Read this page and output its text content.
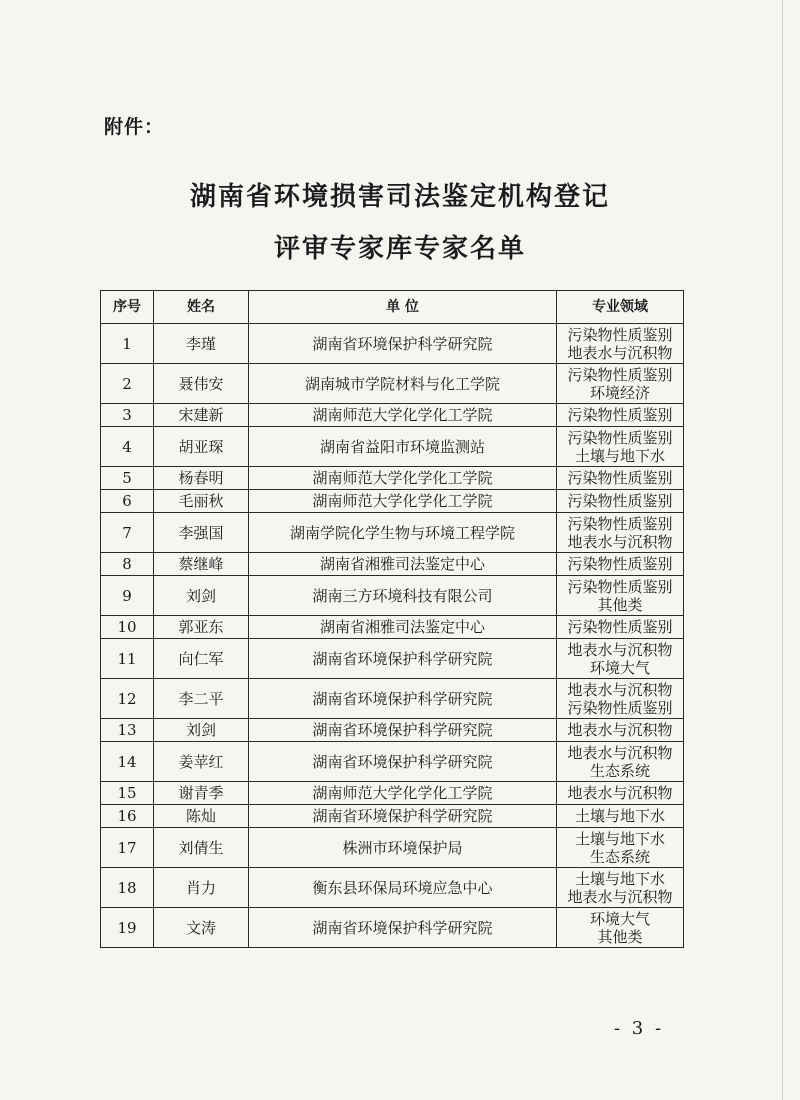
附件：
湖南省环境损害司法鉴定机构登记
评审专家库专家名单
序号	姓名	单 位	专业领域
1	李瑾	湖南省环境保护科学研究院	污染物性质鉴别
地表水与沉积物

2	聂伟安	湖南城市学院材料与化工学院	污染物性质鉴别
环境经济

3	宋建新	湖南师范大学化学化工学院	污染物性质鉴别

4	胡亚琛	湖南省益阳市环境监测站	污染物性质鉴别
土壤与地下水

5	杨春明	湖南师范大学化学化工学院	污染物性质鉴别

6	毛丽秋	湖南师范大学化学化工学院	污染物性质鉴别

7	李强国	湖南学院化学生物与环境工程学院	污染物性质鉴别
地表水与沉积物

8	蔡继峰	湖南省湘雅司法鉴定中心	污染物性质鉴别

9	刘剑	湖南三方环境科技有限公司	污染物性质鉴别
其他类

10	郭亚东	湖南省湘雅司法鉴定中心	污染物性质鉴别

11	向仁军	湖南省环境保护科学研究院	地表水与沉积物
环境大气

12	李二平	湖南省环境保护科学研究院	地表水与沉积物
污染物性质鉴别

13	刘剑	湖南省环境保护科学研究院	地表水与沉积物

14	姜苹红	湖南省环境保护科学研究院	地表水与沉积物
生态系统

15	谢青季	湖南师范大学化学化工学院	地表水与沉积物

16	陈灿	湖南省环境保护科学研究院	土壤与地下水

17	刘倩生	株洲市环境保护局	土壤与地下水
生态系统

18	肖力	衡东县环保局环境应急中心	土壤与地下水
地表水与沉积物

19	文涛	湖南省环境保护科学研究院	环境大气
其他类
- 3 -
